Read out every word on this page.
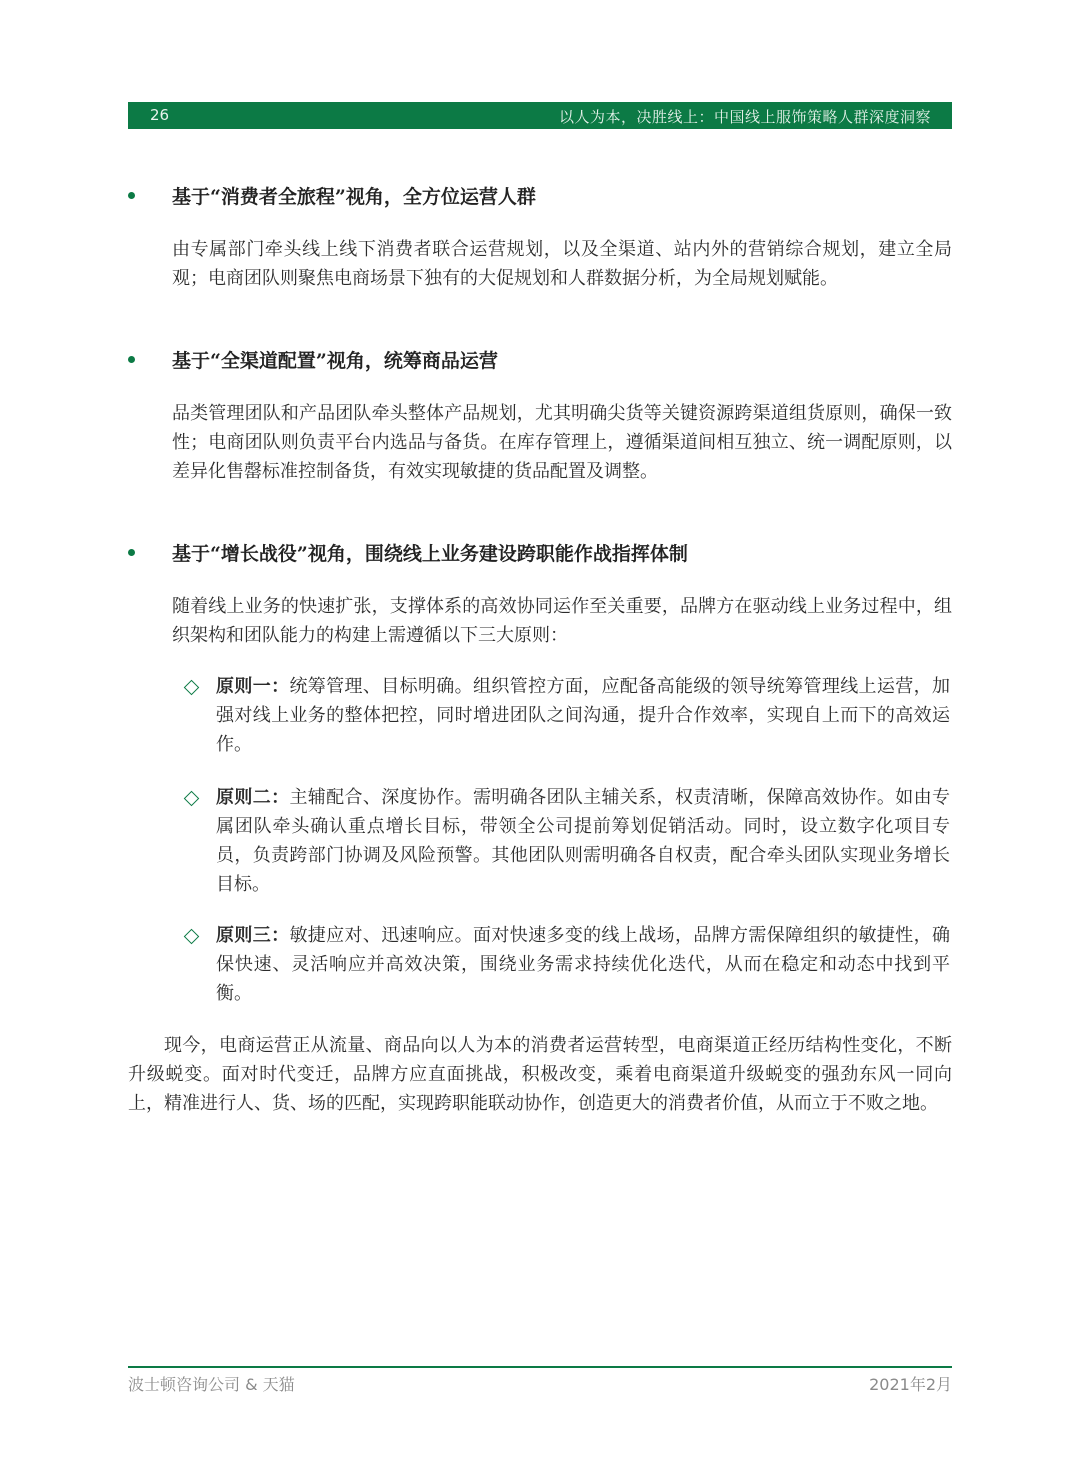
26	以人为本，决胜线上：中国线上服饰策略人群深度洞察
基于“消费者全旅程”视角，全方位运营人群
由专属部门牵头线上线下消费者联合运营规划，以及全渠道、站内外的营销综合规划，建立全局观；电商团队则聚焦电商场景下独有的大促规划和人群数据分析，为全局规划赋能。
基于“全渠道配置”视角，统筹商品运营
品类管理团队和产品团队牵头整体产品规划，尤其明确尖货等关键资源跨渠道组货原则，确保一致性；电商团队则负责平台内选品与备货。在库存管理上，遵循渠道间相互独立、统一调配原则，以差异化售罄标准控制备货，有效实现敏捷的货品配置及调整。
基于“增长战役”视角，围绕线上业务建设跨职能作战指挥体制
随着线上业务的快速扩张，支撑体系的高效协同运作至关重要，品牌方在驱动线上业务过程中，组织架构和团队能力的构建上需遵循以下三大原则：
原则一：统筹管理、目标明确。组织管控方面，应配备高能级的领导统筹管理线上运营，加强对线上业务的整体把控，同时增进团队之间沟通，提升合作效率，实现自上而下的高效运作。
原则二：主辅配合、深度协作。需明确各团队主辅关系，权责清晰，保障高效协作。如由专属团队牵头确认重点增长目标，带领全公司提前筹划促销活动。同时，设立数字化项目专员，负责跨部门协调及风险预警。其他团队则需明确各自权责，配合牵头团队实现业务增长目标。
原则三：敏捷应对、迅速响应。面对快速多变的线上战场，品牌方需保障组织的敏捷性，确保快速、灵活响应并高效决策，围绕业务需求持续优化迭代，从而在稳定和动态中找到平衡。
现今，电商运营正从流量、商品向以人为本的消费者运营转型，电商渠道正经历结构性变化，不断升级蜕变。面对时代变迁，品牌方应直面挑战，积极改变，乘着电商渠道升级蜕变的强劲东风一同向上，精准进行人、货、场的匹配，实现跨职能联动协作，创造更大的消费者价值，从而立于不败之地。
波士顿咨询公司 & 天猫	2021年2月
